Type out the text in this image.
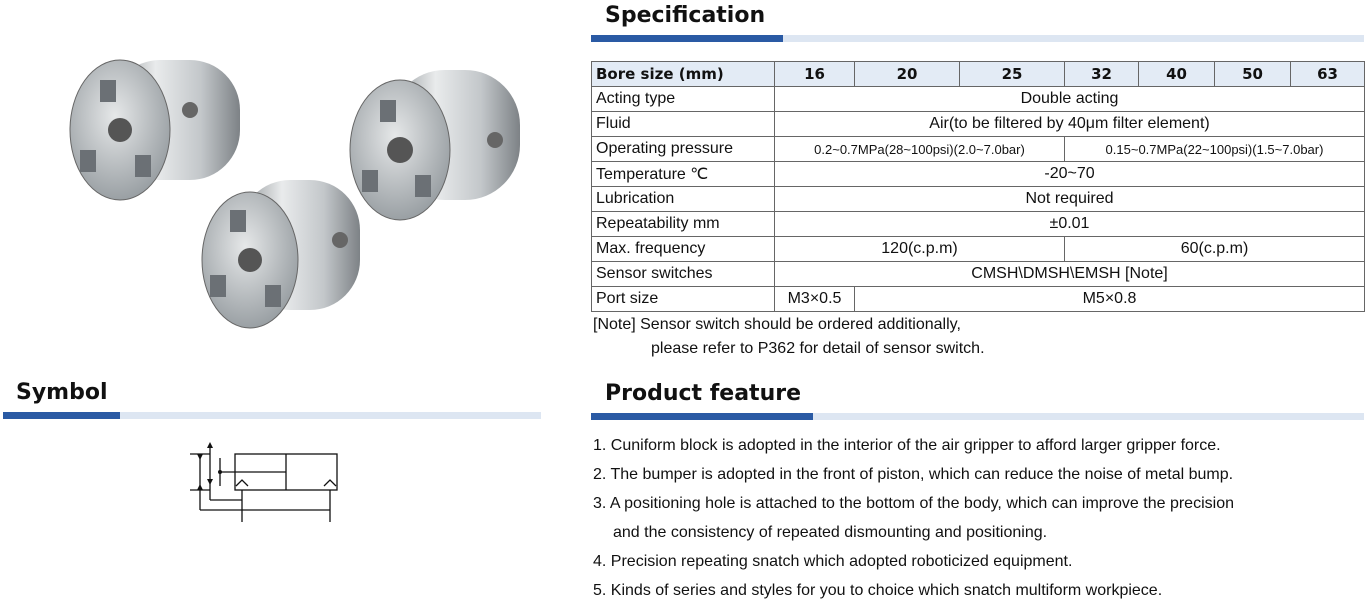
Specification
Bore size (mm)	16	20	25	32	40	50	63
Acting type	Double acting						
Fluid	Air(to be filtered by 40μm filter element)						
Operating pressure	0.2~0.7MPa(28~100psi)(2.0~7.0bar)			0.15~0.7MPa(22~100psi)(1.5~7.0bar)			
Temperature ℃	-20~70						
Lubrication	Not required						
Repeatability mm	±0.01						
Max. frequency	120(c.p.m)			60(c.p.m)			
Sensor switches	CMSH\DMSH\EMSH [Note]						
Port size	M3×0.5	M5×0.8					
[Note] Sensor switch should be ordered additionally,
please refer to P362 for detail of sensor switch.
Symbol	Product feature
1. Cuniform block is adopted in the interior of the air gripper to afford larger gripper force.
2. The bumper is adopted in the front of piston, which can reduce the noise of metal bump.
3. A positioning hole is attached to the bottom of the body, which can improve the precision
and the consistency of repeated dismounting and positioning.
4. Precision repeating snatch which adopted roboticized equipment.
5. Kinds of series and styles for you to choice which snatch multiform workpiece.
